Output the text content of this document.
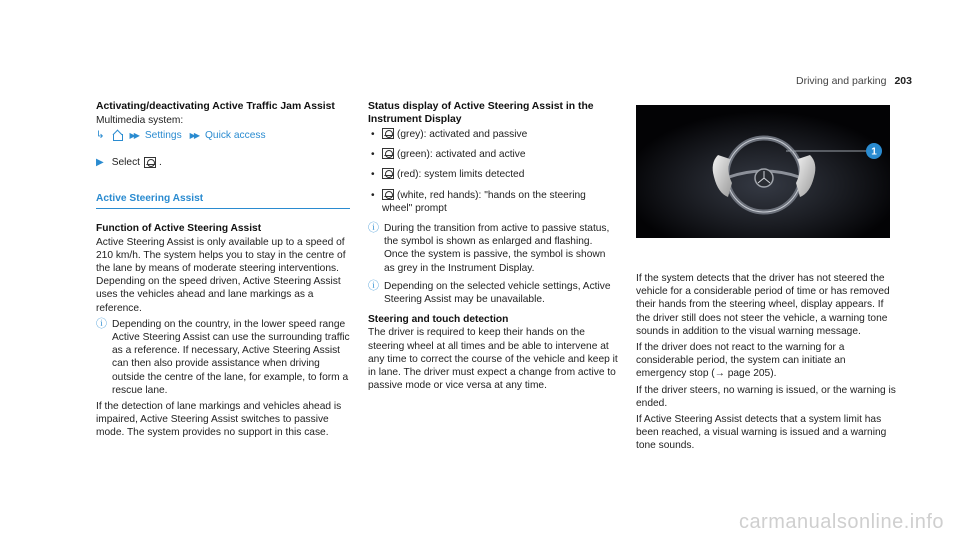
Driving and parking 203
Activating/deactivating Active Traffic Jam Assist

Multimedia system:

↳	▶▶ Settings ▶▶ Quick access
▶ Select .
Active Steering Assist
Function of Active Steering Assist

Active Steering Assist is only available up to a speed of 210 km/h. The system helps you to stay in the centre of the lane by means of moderate steering interventions. Depending on the speed driven, Active Steering Assist uses the vehicles ahead and lane markings as a reference.

ⓘ Depending on the country, in the lower speed range Active Steering Assist can use the surrounding traffic as a reference. If necessary, Active Steering Assist can then also provide assistance when driving outside the centre of the lane, for example, to form a rescue lane.

If the detection of lane markings and vehicles ahead is impaired, Active Steering Assist switches to passive mode. The system provides no support in this case.

Status display of Active Steering Assist in the Instrument Display
•	(grey): activated and passive
•	(green): activated and active
•	(red): system limits detected
•	(white, red hands): "hands on the steering wheel" prompt
ⓘ During the transition from active to passive status, the symbol is shown as enlarged and flashing. Once the system is passive, the symbol is shown as grey in the Instrument Display.
ⓘ Depending on the selected vehicle settings, Active Steering Assist may be unavailable.
Steering and touch detection

The driver is required to keep their hands on the steering wheel at all times and be able to intervene at any time to correct the course of the vehicle and keep it in lane. The driver must expect a change from active to passive mode or vice versa at any time.

1

If the system detects that the driver has not steered the vehicle for a considerable period of time or has removed their hands from the steering wheel, display appears. If the driver still does not steer the vehicle, a warning tone sounds in addition to the visual warning message.

If the driver does not react to the warning for a considerable period, the system can initiate an emergency stop (→ page 205).

If the driver steers, no warning is issued, or the warning is ended.

If Active Steering Assist detects that a system limit has been reached, a visual warning is issued and a warning tone sounds.

carmanualsonline.info
